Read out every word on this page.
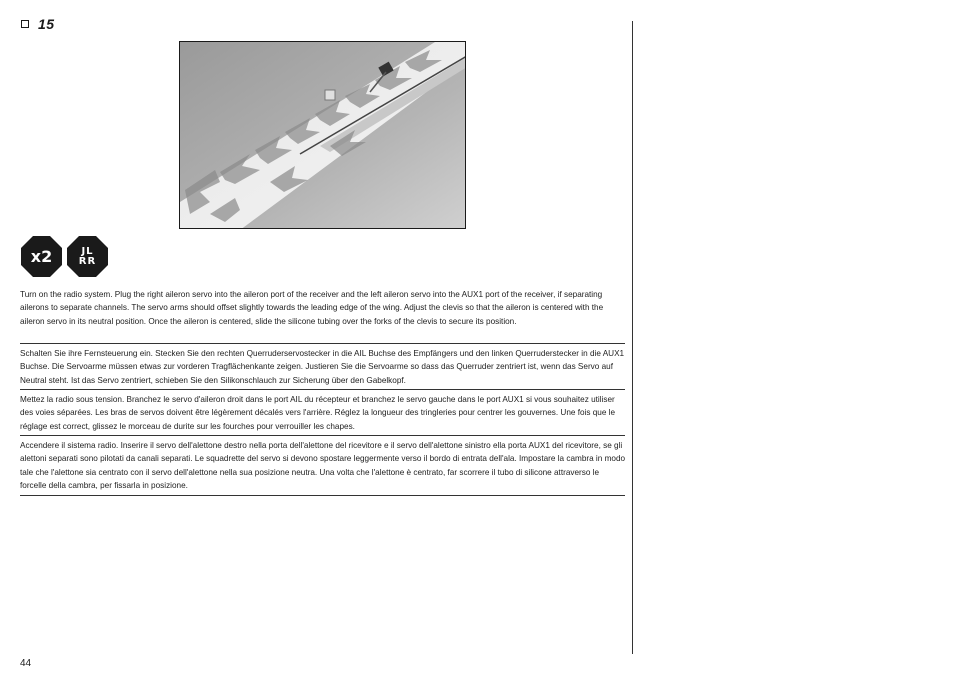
15
x2	JL
RR
Turn on the radio system. Plug the right aileron servo into the aileron port of the receiver and the left aileron servo into the AUX1 port of the receiver, if separating ailerons to separate channels. The servo arms should offset slightly towards the leading edge of the wing. Adjust the clevis so that the aileron is centered with the aileron servo in its neutral position. Once the aileron is centered, slide the silicone tubing over the forks of the clevis to secure its position.
Schalten Sie ihre Fernsteuerung ein. Stecken Sie den rechten Querruderservostecker in die AIL Buchse des Empfängers und den linken Querruderstecker in die AUX1 Buchse. Die Servoarme müssen etwas zur vorderen Tragflächenkante zeigen. Justieren Sie die Servoarme so dass das Querruder zentriert ist, wenn das Servo auf Neutral steht. Ist das Servo zentriert, schieben Sie den Silikonschlauch zur Sicherung über den Gabelkopf.
Mettez la radio sous tension. Branchez le servo d'aileron droit dans le port AIL du récepteur et branchez le servo gauche dans le port AUX1 si vous souhaitez utiliser des voies séparées. Les bras de servos doivent être légèrement décalés vers l'arrière. Réglez la longueur des tringleries pour centrer les gouvernes. Une fois que le réglage est correct, glissez le morceau de durite sur les fourches pour verrouiller les chapes.
Accendere il sistema radio. Inserire il servo dell'alettone destro nella porta dell'alettone del ricevitore e il servo dell'alettone sinistro ella porta AUX1 del ricevitore, se gli alettoni separati sono pilotati da canali separati. Le squadrette del servo si devono spostare leggermente verso il bordo di entrata dell'ala. Impostare la cambra in modo tale che l'alettone sia centrato con il servo dell'alettone nella sua posizione neutra. Una volta che l'alettone è centrato, far scorrere il tubo di silicone attraverso le forcelle della cambra, per fissarla in posizione.
44
